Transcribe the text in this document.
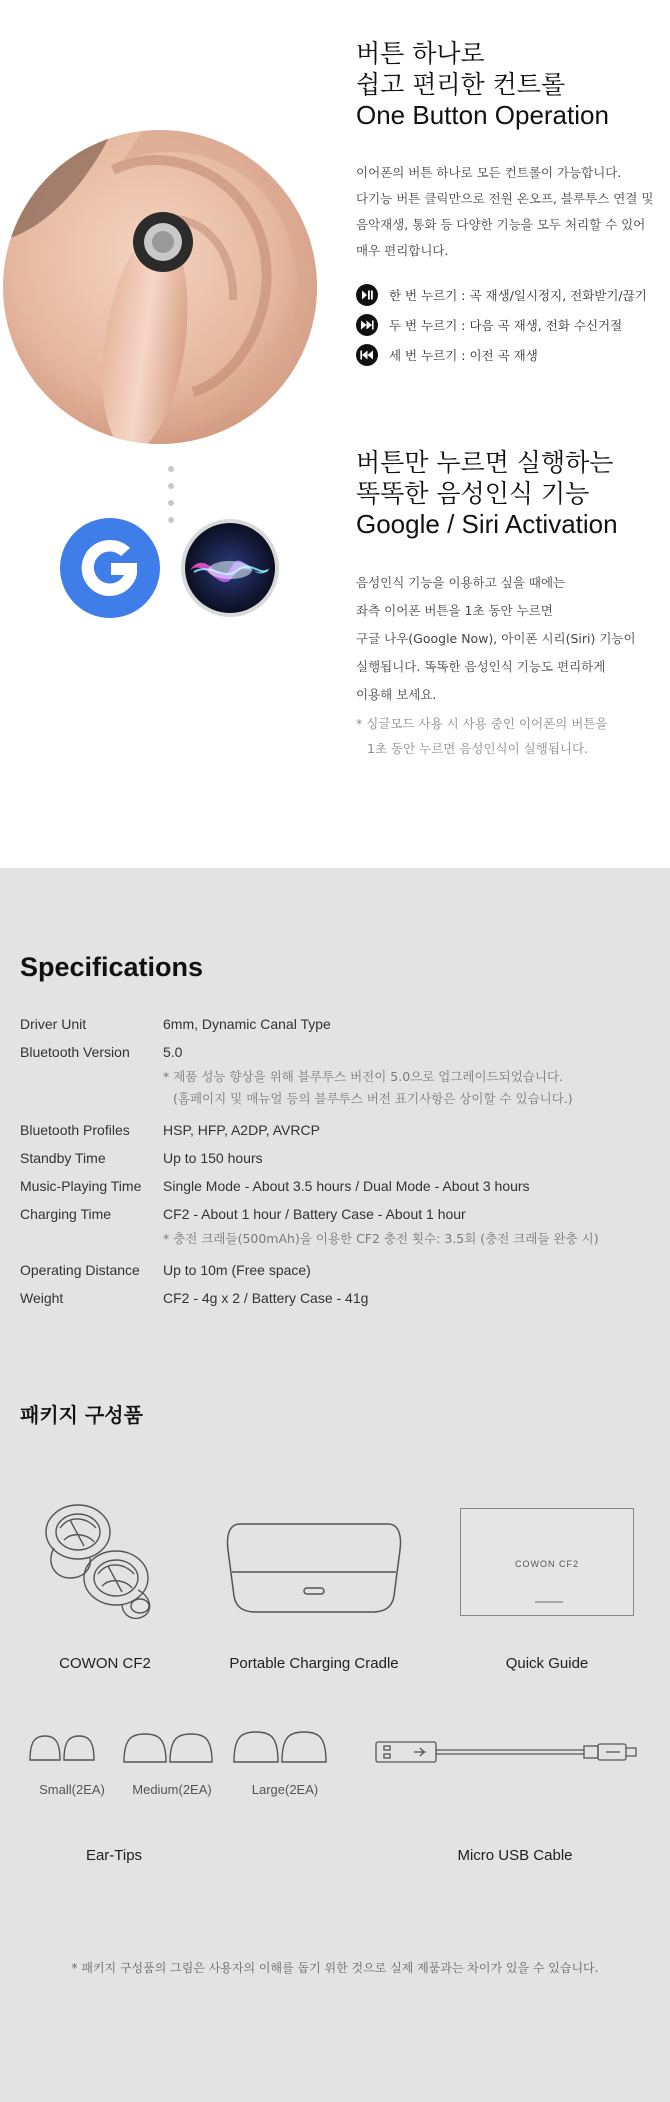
버튼 하나로

쉽고 편리한 컨트롤

One Button Operation

이어폰의 버튼 하나로 모든 컨트롤이 가능합니다.

다기능 버튼 클릭만으로 전원 온오프, 블루투스 연결 및

음악재생, 통화 등 다양한 기능을 모두 처리할 수 있어

매우 편리합니다.

한 번 누르기 : 곡 재생/일시정지, 전화받기/끊기
두 번 누르기 : 다음 곡 재생, 전화 수신거절
세 번 누르기 : 이전 곡 재생

버튼만 누르면 실행하는

똑똑한 음성인식 기능

Google / Siri Activation

음성인식 기능을 이용하고 싶을 때에는

좌측 이어폰 버튼을 1초 동안 누르면

구글 나우(Google Now), 아이폰 시리(Siri) 기능이

실행됩니다. 똑똑한 음성인식 기능도 편리하게

이용해 보세요.

* 싱글모드 사용 시 사용 중인 이어폰의 버튼을

1초 동안 누르면 음성인식이 실행됩니다.

Specifications
Driver Unit	6mm, Dynamic Canal Type
Bluetooth Version	5.0
* 제품 성능 향상을 위해 블루투스 버전이 5.0으로 업그레이드되었습니다.
(홈페이지 및 매뉴얼 등의 블루투스 버전 표기사항은 상이할 수 있습니다.)
Bluetooth Profiles	HSP, HFP, A2DP, AVRCP
Standby Time	Up to 150 hours
Music-Playing Time	Single Mode - About 3.5 hours / Dual Mode - About 3 hours
Charging Time	CF2 - About 1 hour / Battery Case - About 1 hour
* 충전 크래들(500mAh)을 이용한 CF2 충전 횟수: 3.5회 (충전 크래들 완충 시)
Operating Distance	Up to 10m (Free space)
Weight	CF2 - 4g x 2 / Battery Case - 41g
패키지 구성품
COWON CF2	Portable Charging Cradle
COWON CF2
Quick Guide
Small(2EA)	Medium(2EA)	Large(2EA)
Ear-Tips	Micro USB Cable

* 패키지 구성품의 그림은 사용자의 이해를 돕기 위한 것으로 실제 제품과는 차이가 있을 수 있습니다.
